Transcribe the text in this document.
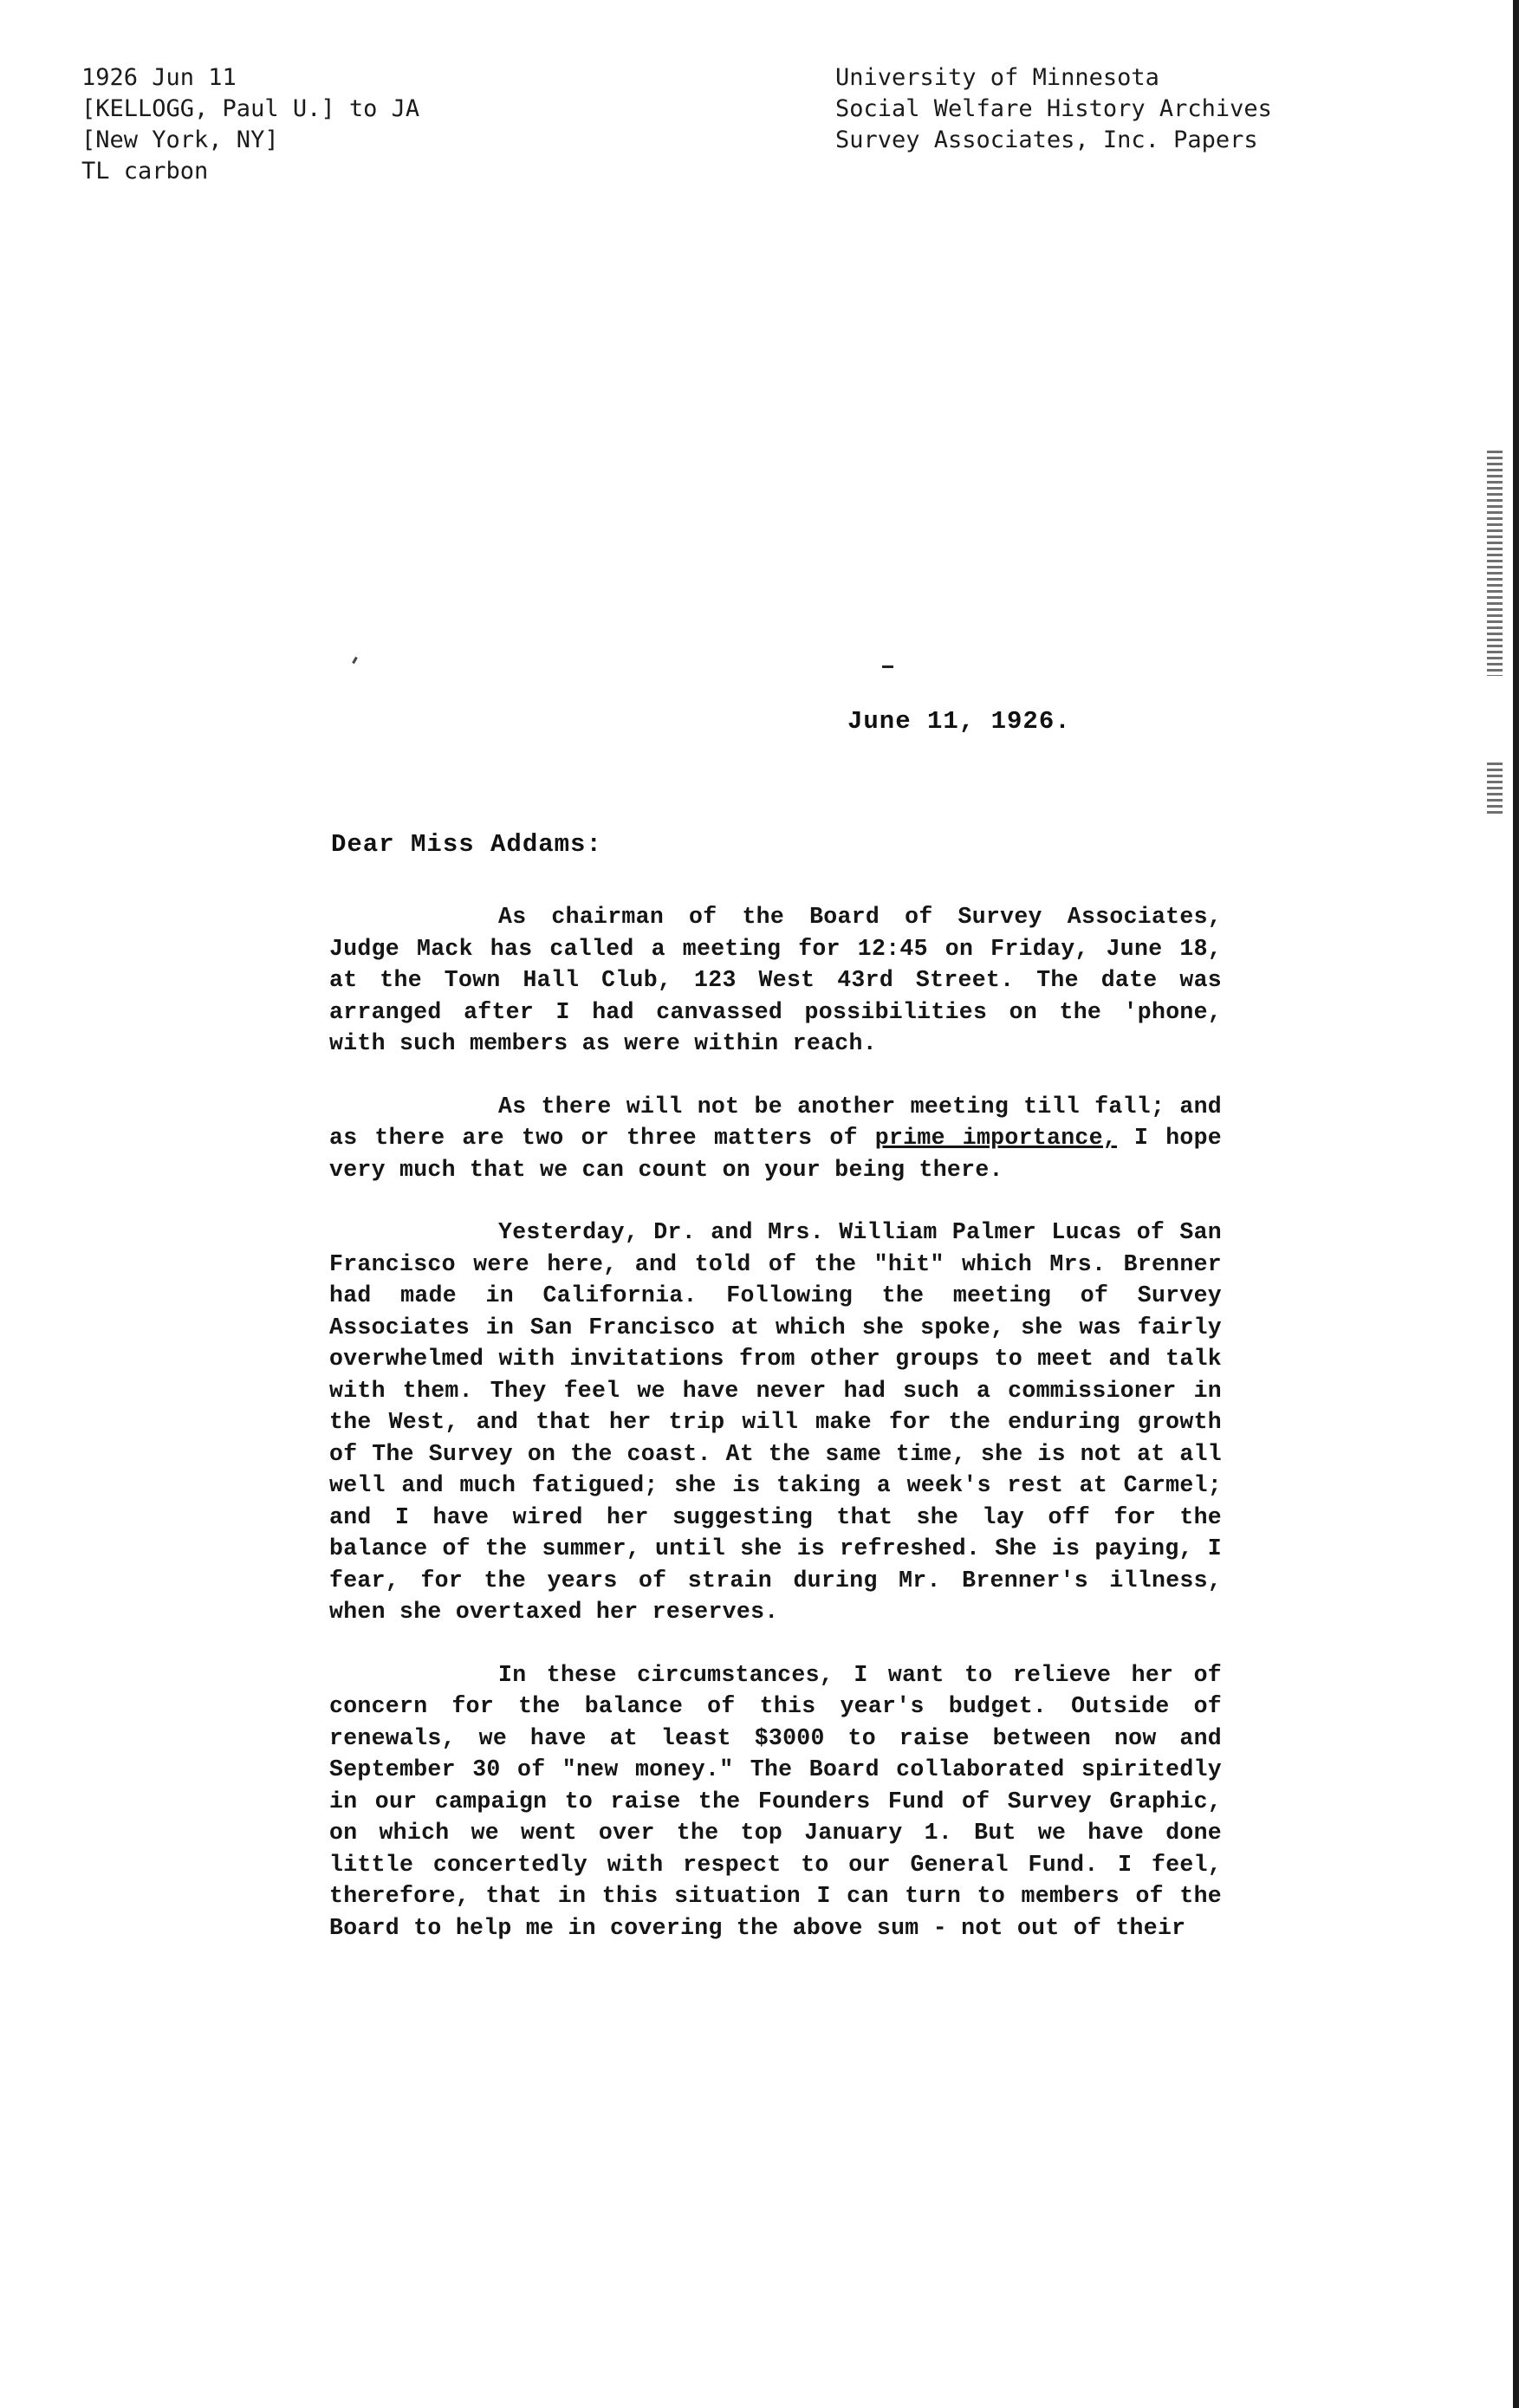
1926 Jun 11
[KELLOGG, Paul U.] to JA
[New York, NY]
TL carbon
University of Minnesota
Social Welfare History Archives
Survey Associates, Inc. Papers
June 11, 1926.
Dear Miss Addams:

As chairman of the Board of Survey Associates, Judge Mack has called a meeting for 12:45 on Friday, June 18, at the Town Hall Club, 123 West 43rd Street. The date was arranged after I had canvassed possibilities on the 'phone, with such members as were within reach.

As there will not be another meeting till fall; and as there are two or three matters of prime importance, I hope very much that we can count on your being there.

Yesterday, Dr. and Mrs. William Palmer Lucas of San Francisco were here, and told of the "hit" which Mrs. Brenner had made in California. Following the meeting of Survey Associates in San Francisco at which she spoke, she was fairly overwhelmed with invitations from other groups to meet and talk with them. They feel we have never had such a commissioner in the West, and that her trip will make for the enduring growth of The Survey on the coast. At the same time, she is not at all well and much fatigued; she is taking a week's rest at Carmel; and I have wired her suggesting that she lay off for the balance of the summer, until she is refreshed. She is paying, I fear, for the years of strain during Mr. Brenner's illness, when she overtaxed her reserves.

In these circumstances, I want to relieve her of concern for the balance of this year's budget. Outside of renewals, we have at least $3000 to raise between now and September 30 of "new money." The Board collaborated spiritedly in our campaign to raise the Founders Fund of Survey Graphic, on which we went over the top January 1. But we have done little concertedly with respect to our General Fund. I feel, therefore, that in this situation I can turn to members of the Board to help me in covering the above sum - not out of their
